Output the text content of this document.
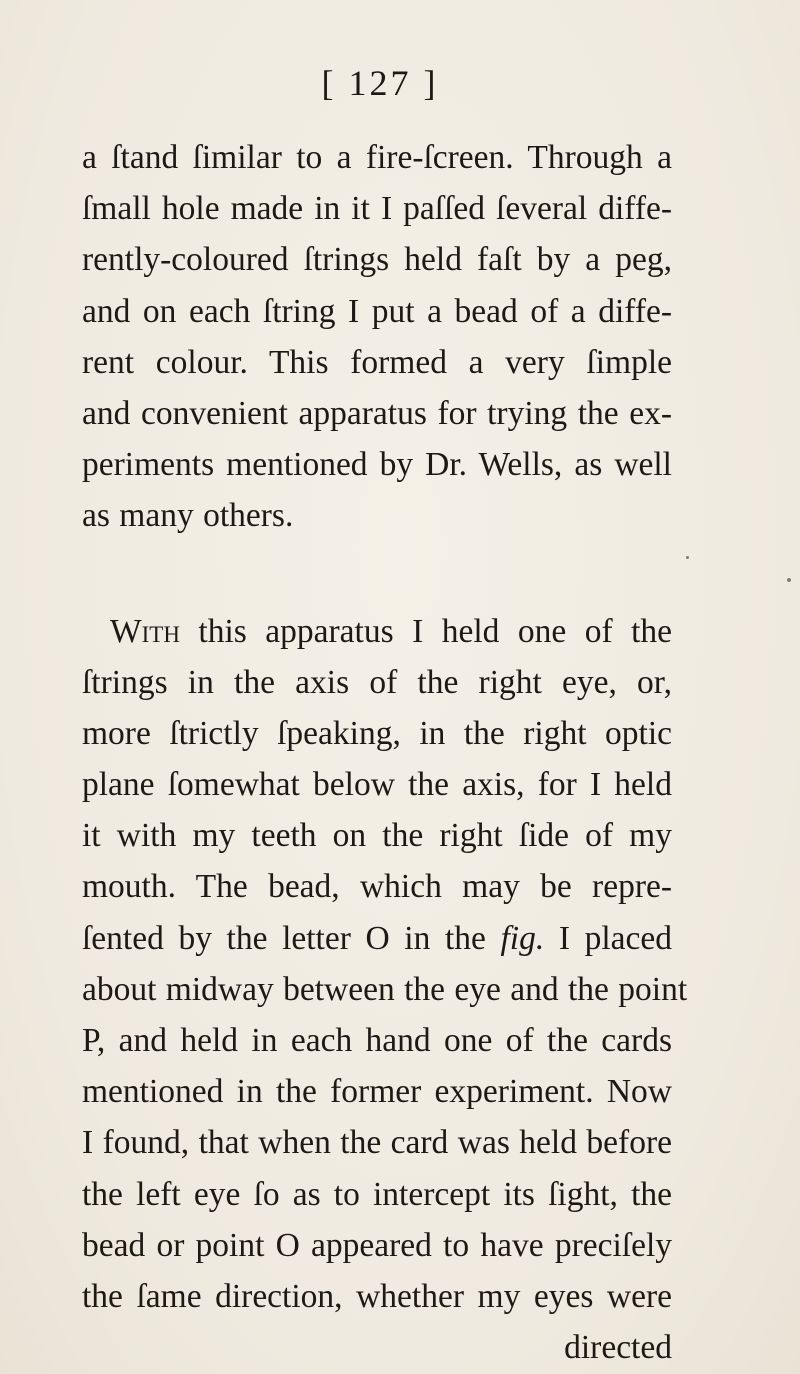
[ 127 ]
a ſtand ſimilar to a fire-ſcreen. Through a
ſmall hole made in it I paſſed ſeveral diffe-
rently-coloured ſtrings held faſt by a peg,
and on each ſtring I put a bead of a diffe-
rent colour. This formed a very ſimple
and convenient apparatus for trying the ex-
periments mentioned by Dr. Wells, as well
as many others.
With this apparatus I held one of the
ſtrings in the axis of the right eye, or,
more ſtrictly ſpeaking, in the right optic
plane ſomewhat below the axis, for I held
it with my teeth on the right ſide of my
mouth. The bead, which may be repre-
ſented by the letter O in the fig. I placed
about midway between the eye and the point
P, and held in each hand one of the cards
mentioned in the former experiment. Now
I found, that when the card was held before
the left eye ſo as to intercept its ſight, the
bead or point O appeared to have preciſely
the ſame direction, whether my eyes were
directed
